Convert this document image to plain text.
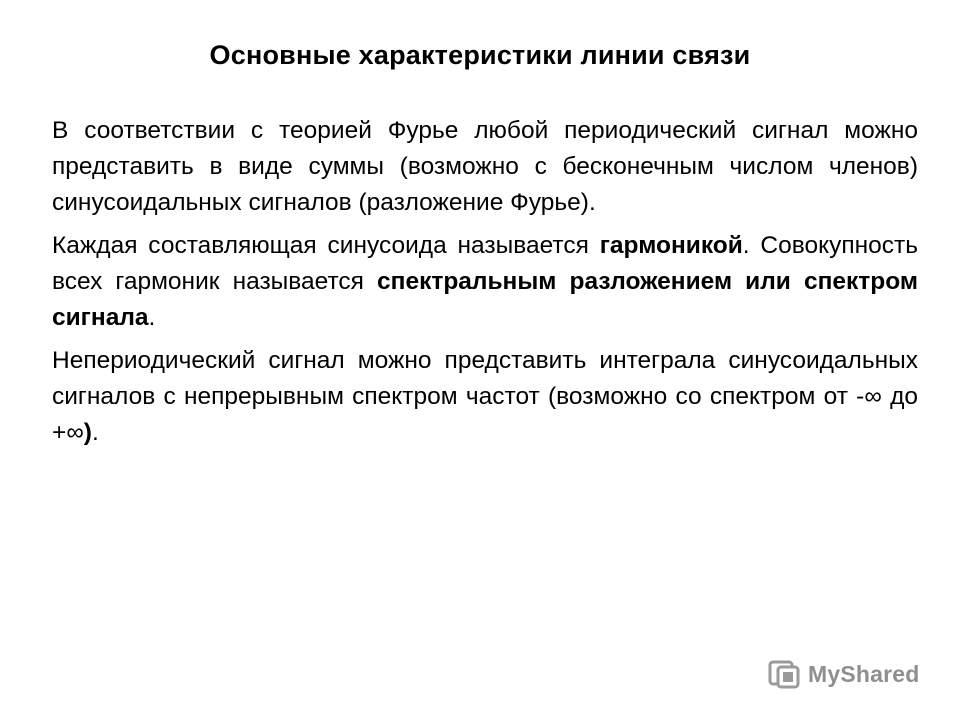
Основные характеристики линии связи

В соответствии с теорией Фурье любой периодический сигнал можно представить в виде суммы (возможно с бесконечным числом членов) синусоидальных сигналов (разложение Фурье).

Каждая составляющая синусоида называется гармоникой. Совокупность всех гармоник называется спектральным разложением или спектром сигнала.

Непериодический сигнал можно представить интеграла синусоидальных сигналов с непрерывным спектром частот (возможно со спектром от -∞ до +∞).

MyShared
